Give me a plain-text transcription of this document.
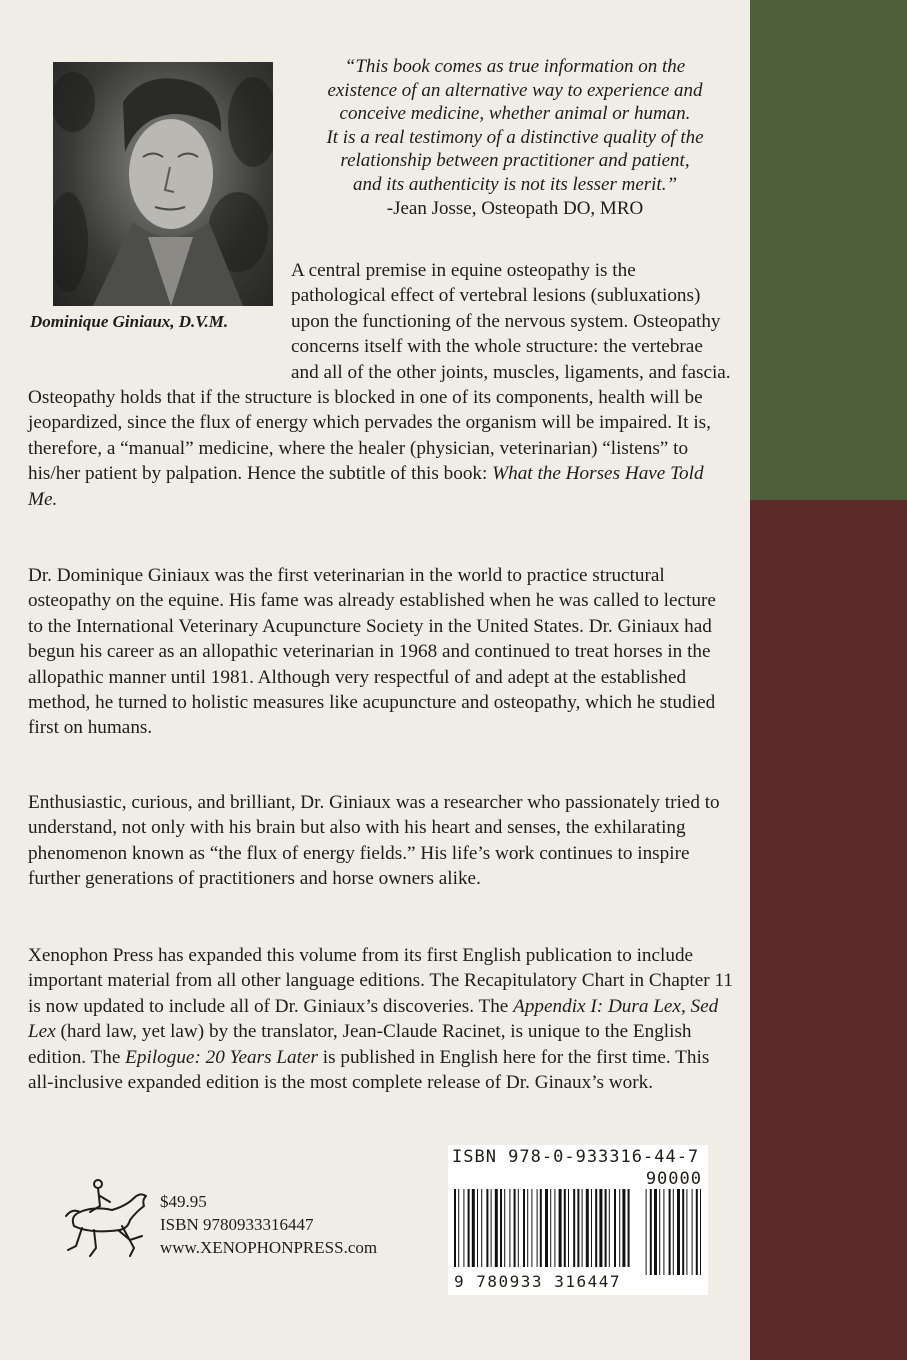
Dominique Giniaux, D.V.M.
“This book comes as true information on the
existence of an alternative way to experience and
conceive medicine, whether animal or human.
It is a real testimony of a distinctive quality of the
relationship between practitioner and patient,
and its authenticity is not its lesser merit.”
-Jean Josse, Osteopath DO, MRO

A central premise in equine osteopathy is the pathological effect of vertebral lesions (subluxations) upon the functioning of the nervous system. Osteopathy concerns itself with the whole structure: the vertebrae and all of the other joints, muscles, ligaments, and fascia. Osteopathy holds that if the structure is blocked in one of its components, health will be jeopardized, since the flux of energy which pervades the organism will be impaired. It is, therefore, a “manual” medicine, where the healer (physician, veterinarian) “listens” to his/her patient by palpation. Hence the subtitle of this book: What the Horses Have Told Me.

Dr. Dominique Giniaux was the first veterinarian in the world to practice structural osteopathy on the equine. His fame was already established when he was called to lecture to the International Veterinary Acupuncture Society in the United States. Dr. Giniaux had begun his career as an allopathic veterinarian in 1968 and continued to treat horses in the allopathic manner until 1981. Although very respectful of and adept at the established method, he turned to holistic measures like acupuncture and osteopathy, which he studied first on humans.

Enthusiastic, curious, and brilliant, Dr. Giniaux was a researcher who passionately tried to understand, not only with his brain but also with his heart and senses, the exhilarating phenomenon known as “the flux of energy fields.” His life’s work continues to inspire further generations of practitioners and horse owners alike.

Xenophon Press has expanded this volume from its first English publication to include important material from all other language editions. The Recapitulatory Chart in Chapter 11 is now updated to include all of Dr. Giniaux’s discoveries. The Appendix I: Dura Lex, Sed Lex (hard law, yet law) by the translator, Jean-Claude Racinet, is unique to the English edition. The Epilogue: 20 Years Later is published in English here for the first time. This all-inclusive expanded edition is the most complete release of Dr. Ginaux’s work.

$49.95
ISBN 9780933316447
www.XENOPHONPRESS.com
ISBN 978-0-933316-44-7
90000
9 780933 316447
